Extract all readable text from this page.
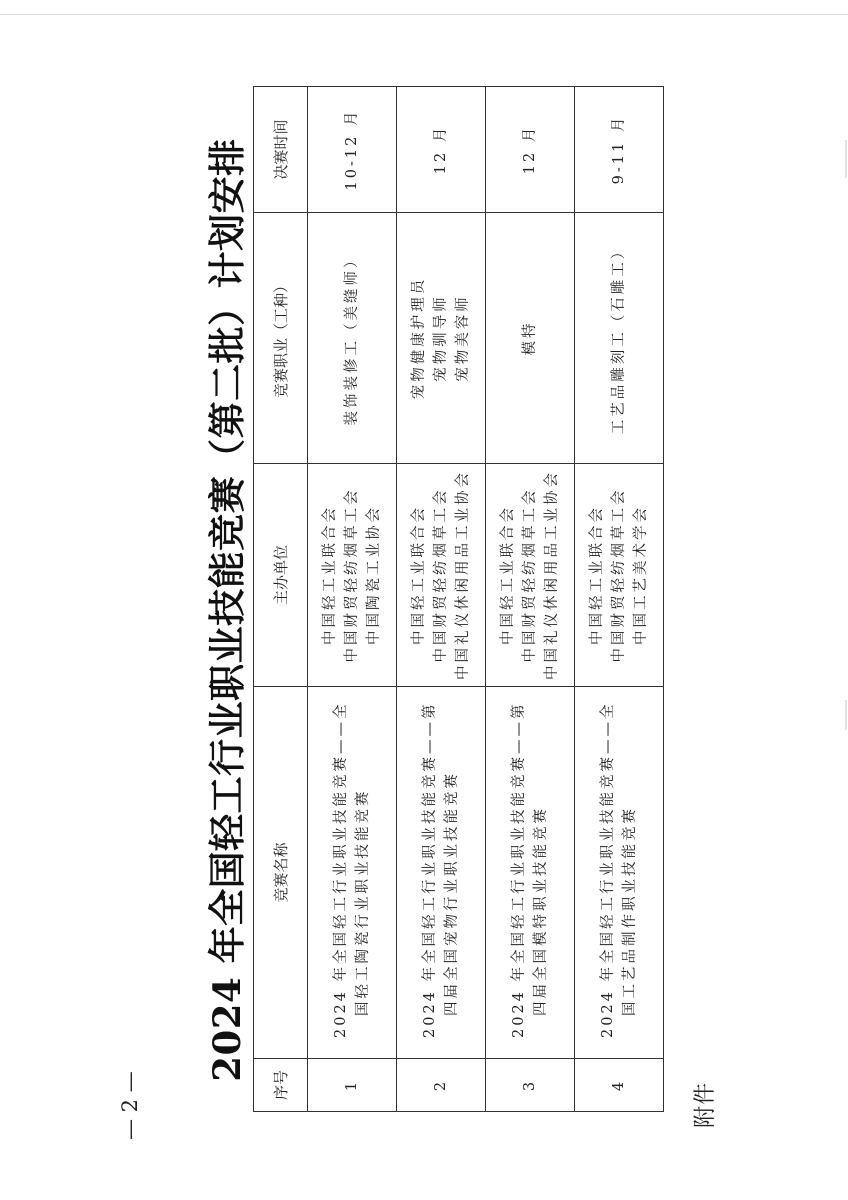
附件
— 2 —
2024 年全国轻工行业职业技能竞赛（第二批）计划安排
序号	竞赛名称	主办单位	竞赛职业（工种）	决赛时间
1	2024 年全国轻工行业职业技能竞赛——全 国轻工陶瓷行业职业技能竞赛	中国轻工业联合会 中国财贸轻纺烟草工会 中国陶瓷工业协会	装饰装修工（美缝师）	10-12 月
2	2024 年全国轻工行业职业技能竞赛——第 四届全国宠物行业职业技能竞赛	中国轻工业联合会 中国财贸轻纺烟草工会 中国礼仪休闲用品工业协会	宠物健康护理员 宠物驯导师 宠物美容师	12 月
3	2024 年全国轻工行业职业技能竞赛——第 四届全国模特职业技能竞赛	中国轻工业联合会 中国财贸轻纺烟草工会 中国礼仪休闲用品工业协会	模特	12 月
4	2024 年全国轻工行业职业技能竞赛——全 国工艺品制作职业技能竞赛	中国轻工业联合会 中国财贸轻纺烟草工会 中国工艺美术学会	工艺品雕刻工（石雕工）	9-11 月
